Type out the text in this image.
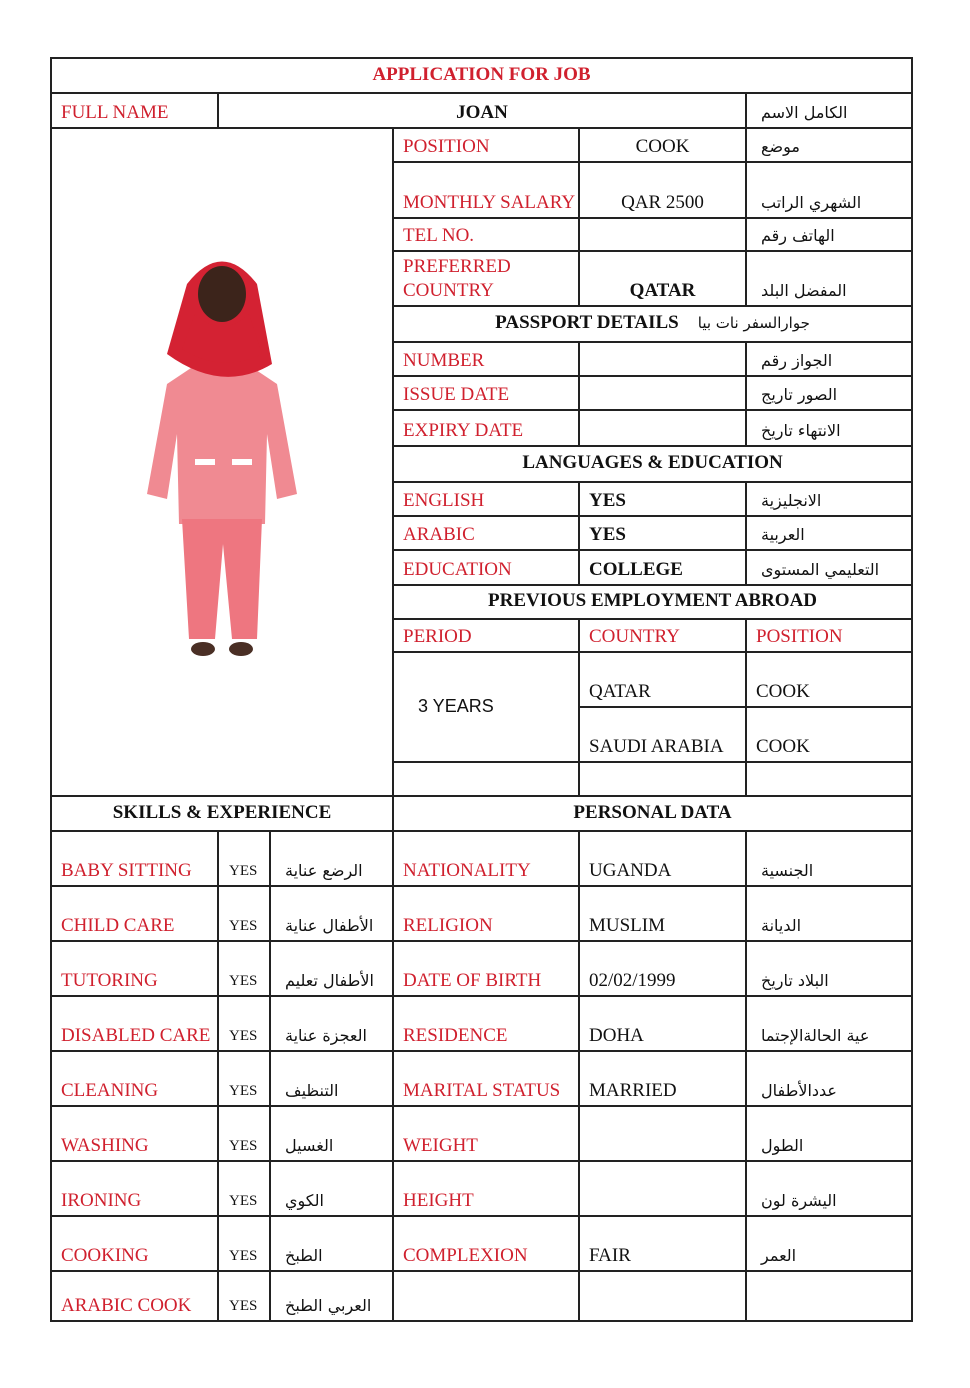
APPLICATION FOR JOB					
FULL NAME	JOAN				الكامل الاسم
	POSITION	COOK	موضع
			MONTHLY SALARY	QAR 2500	الشهري الراتب
			TEL NO.		الهاتف رقم
			PREFERRED COUNTRY	QATAR	المفضل البلد
			PASSPORT DETAILS جوارالسفر نات بيا		
			NUMBER		الجواز رقم
			ISSUE DATE		الصور تاريج
			EXPIRY DATE		الانتهاء تاريخ
			LANGUAGES & EDUCATION		
			ENGLISH	YES	الانجليزية
			ARABIC	YES	العربية
			EDUCATION	COLLEGE	التعليمي المستوى
			PREVIOUS EMPLOYMENT ABROAD		
			PERIOD	COUNTRY	POSITION
			3 YEARS	QATAR	COOK
				SAUDI ARABIA	COOK

SKILLS & EXPERIENCE			PERSONAL DATA		
BABY SITTING	YES	الرضع عناية	NATIONALITY	UGANDA	الجنسية
CHILD CARE	YES	الأطفال عناية	RELIGION	MUSLIM	الديانة
TUTORING	YES	الأطفال تعليم	DATE OF BIRTH	02/02/1999	البلاد تاريخ
DISABLED CARE	YES	العجزة عناية	RESIDENCE	DOHA	عية الحالةالإجتما
CLEANING	YES	التنظيف	MARITAL STATUS	MARRIED	عددالأطفال
WASHING	YES	الغسيل	WEIGHT		الطول
IRONING	YES	الكوي	HEIGHT		اليشرة لون
COOKING	YES	الطبخ	COMPLEXION	FAIR	العمر
ARABIC COOK	YES	العربي الطبخ			
